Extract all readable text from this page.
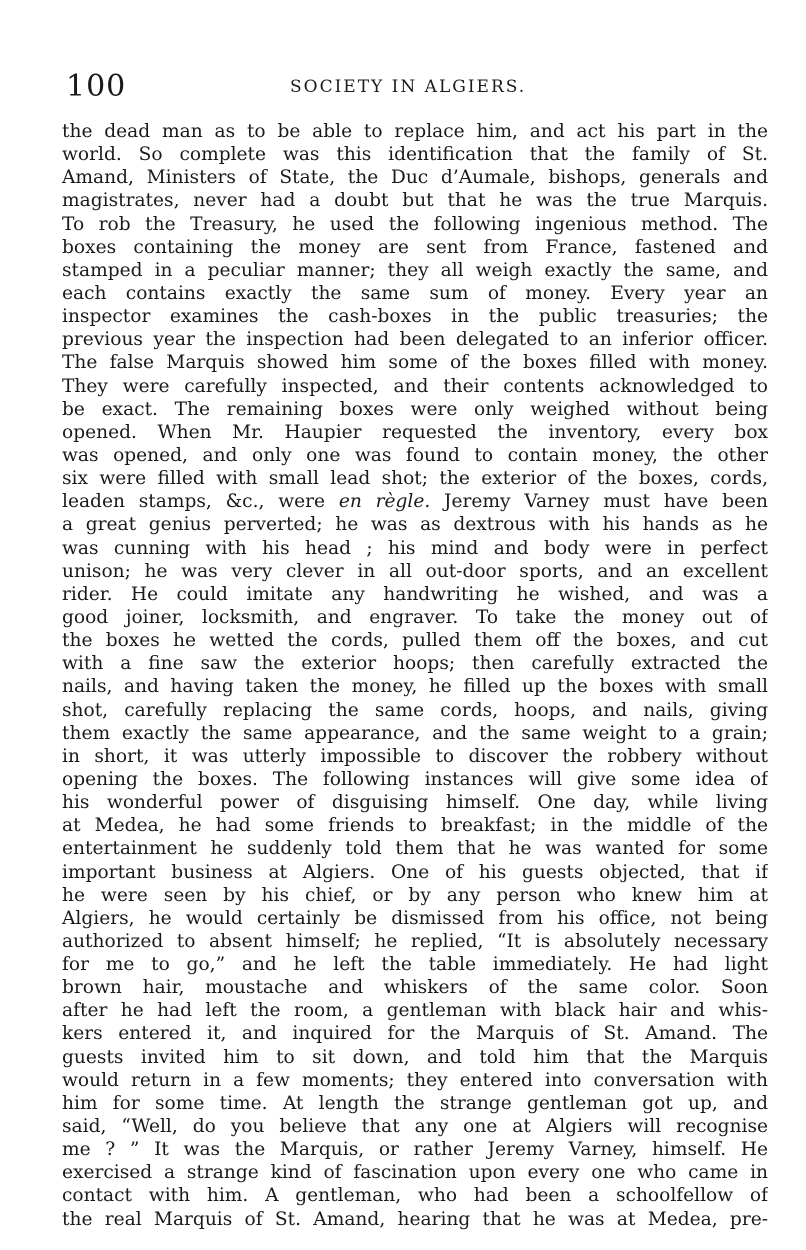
100	SOCIETY IN ALGIERS.
the dead man as to be able to replace him, and act his part in the
world. So complete was this identification that the family of St.
Amand, Ministers of State, the Duc d’Aumale, bishops, generals and
magistrates, never had a doubt but that he was the true Marquis.
To rob the Treasury, he used the following ingenious method. The
boxes containing the money are sent from France, fastened and
stamped in a peculiar manner; they all weigh exactly the same, and
each contains exactly the same sum of money. Every year an
inspector examines the cash-boxes in the public treasuries; the
previous year the inspection had been delegated to an inferior officer.
The false Marquis showed him some of the boxes filled with money.
They were carefully inspected, and their contents acknowledged to
be exact. The remaining boxes were only weighed without being
opened. When Mr. Haupier requested the inventory, every box
was opened, and only one was found to contain money, the other
six were filled with small lead shot; the exterior of the boxes, cords,
leaden stamps, &c., were en règle. Jeremy Varney must have been
a great genius perverted; he was as dextrous with his hands as he
was cunning with his head ; his mind and body were in perfect
unison; he was very clever in all out-door sports, and an excellent
rider. He could imitate any handwriting he wished, and was a
good joiner, locksmith, and engraver. To take the money out of
the boxes he wetted the cords, pulled them off the boxes, and cut
with a fine saw the exterior hoops; then carefully extracted the
nails, and having taken the money, he filled up the boxes with small
shot, carefully replacing the same cords, hoops, and nails, giving
them exactly the same appearance, and the same weight to a grain;
in short, it was utterly impossible to discover the robbery without
opening the boxes. The following instances will give some idea of
his wonderful power of disguising himself. One day, while living
at Medea, he had some friends to breakfast; in the middle of the
entertainment he suddenly told them that he was wanted for some
important business at Algiers. One of his guests objected, that if
he were seen by his chief, or by any person who knew him at
Algiers, he would certainly be dismissed from his office, not being
authorized to absent himself; he replied, “It is absolutely necessary
for me to go,” and he left the table immediately. He had light
brown hair, moustache and whiskers of the same color. Soon
after he had left the room, a gentleman with black hair and whis-
kers entered it, and inquired for the Marquis of St. Amand. The
guests invited him to sit down, and told him that the Marquis
would return in a few moments; they entered into conversation with
him for some time. At length the strange gentleman got up, and
said, “Well, do you believe that any one at Algiers will recognise
me ? ” It was the Marquis, or rather Jeremy Varney, himself. He
exercised a strange kind of fascination upon every one who came in
contact with him. A gentleman, who had been a schoolfellow of
the real Marquis of St. Amand, hearing that he was at Medea, pre-
